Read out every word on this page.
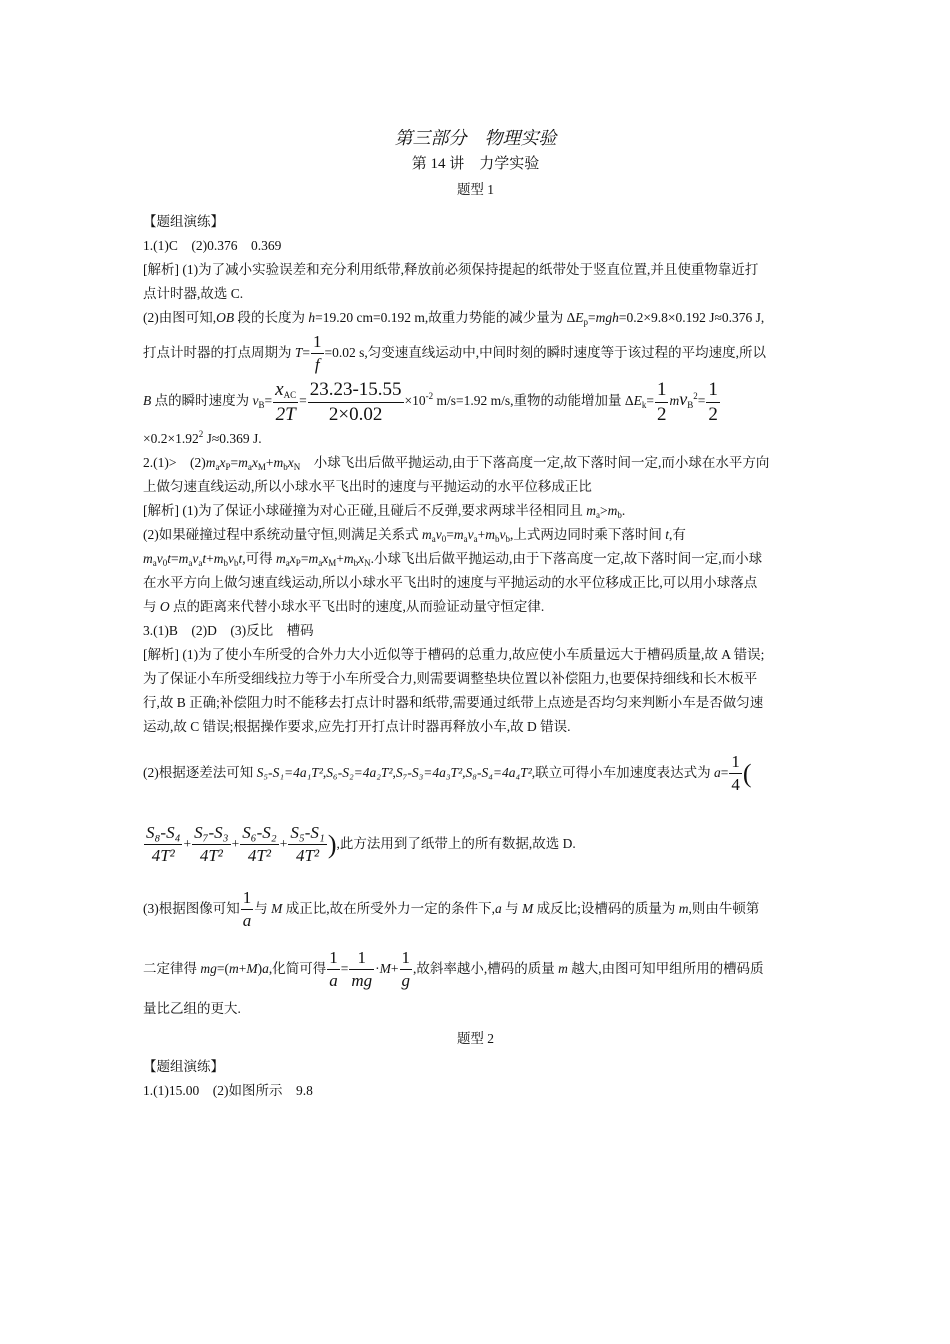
第三部分　物理实验
第 14 讲　力学实验
题型 1
【题组演练】
1.(1)C　(2)0.376　0.369
[解析] (1)为了减小实验误差和充分利用纸带,释放前必须保持提起的纸带处于竖直位置,并且使重物靠近打
点计时器,故选 C.
(2)由图可知,OB 段的长度为 h=19.20 cm=0.192 m,故重力势能的减少量为 $\Delta E_p=mgh=0.2\times 9.8\times 0.192$ J≈0.376 J,
打点计时器的打点周期为 $T= \frac{1}{f} =0.02$ s,匀变速直线运动中,中间时刻的瞬时速度等于该过程的平均速度,所以
B 点的瞬时速度为 $v_B= \frac{x_{AC}}{2T} = \frac{23.23-15.55}{2\times 0.02} \times 10^{-2}$ m/s=1.92 m/s,重物的动能增加量 $\Delta E_k= \frac{1}{2} mv_B^2= \frac{1}{2}$
$\times 0.2\times 1.92^2$ J≈0.369 J.
2.(1)>　$(2)m_ax_P=m_ax_M+m_bx_N$　小球飞出后做平抛运动,由于下落高度一定,故下落时间一定,而小球在水平方向
上做匀速直线运动,所以小球水平飞出时的速度与平抛运动的水平位移成正比
[解析] (1)为了保证小球碰撞为对心正碰,且碰后不反弹,要求两球半径相同且 $m_a>m_b$.
(2)如果碰撞过程中系统动量守恒,则满足关系式 $m_av_0=m_av_a+m_bv_b$,上式两边同时乘下落时间 t,有
$m_av_0t=m_av_at+m_bv_bt$,可得 $m_ax_P=m_ax_M+m_bx_N$.小球飞出后做平抛运动,由于下落高度一定,故下落时间一定,而小球
在水平方向上做匀速直线运动,所以小球水平飞出时的速度与平抛运动的水平位移成正比,可以用小球落点
与 O 点的距离来代替小球水平飞出时的速度,从而验证动量守恒定律.
3.(1)B　(2)D　(3)反比　槽码
[解析] (1)为了使小车所受的合外力大小近似等于槽码的总重力,故应使小车质量远大于槽码质量,故 A 错误;
为了保证小车所受细线拉力等于小车所受合力,则需要调整垫块位置以补偿阻力,也要保持细线和长木板平
行,故 B 正确;补偿阻力时不能移去打点计时器和纸带,需要通过纸带上点迹是否均匀来判断小车是否做匀速
运动,故 C 错误;根据操作要求,应先打开打点计时器再释放小车,故 D 错误.
(2)根据逐差法可知 S₅-S₁=4a₁T²,S₆-S₂=4a₂T²,S₇-S₃=4a₃T²,S₈-S₄=4a₄T²,联立可得小车加速度表达式为 $a= \frac{1}{4}$ (
$\frac{\text{S₈-S₄}}{\text{4T²}} + \frac{\text{S₇-S₃}}{\text{4T²}} + \frac{\text{S₆-S₂}}{\text{4T²}} + \frac{\text{S₅-S₁}}{\text{4T²}}$ ),此方法用到了纸带上的所有数据,故选 D.
(3)根据图像可知 $\frac{1}{a}$ 与 M 成正比,故在所受外力一定的条件下,a 与 M 成反比;设槽码的质量为 m,则由牛顿第
二定律得 mg=(m+M)a,化简可得 $\frac{1}{a} = \frac{1}{mg} \cdot M+ \frac{1}{g}$ ,故斜率越小,槽码的质量 m 越大,由图可知甲组所用的槽码质
量比乙组的更大.
题型 2
【题组演练】
1.(1)15.00　(2)如图所示　9.8
